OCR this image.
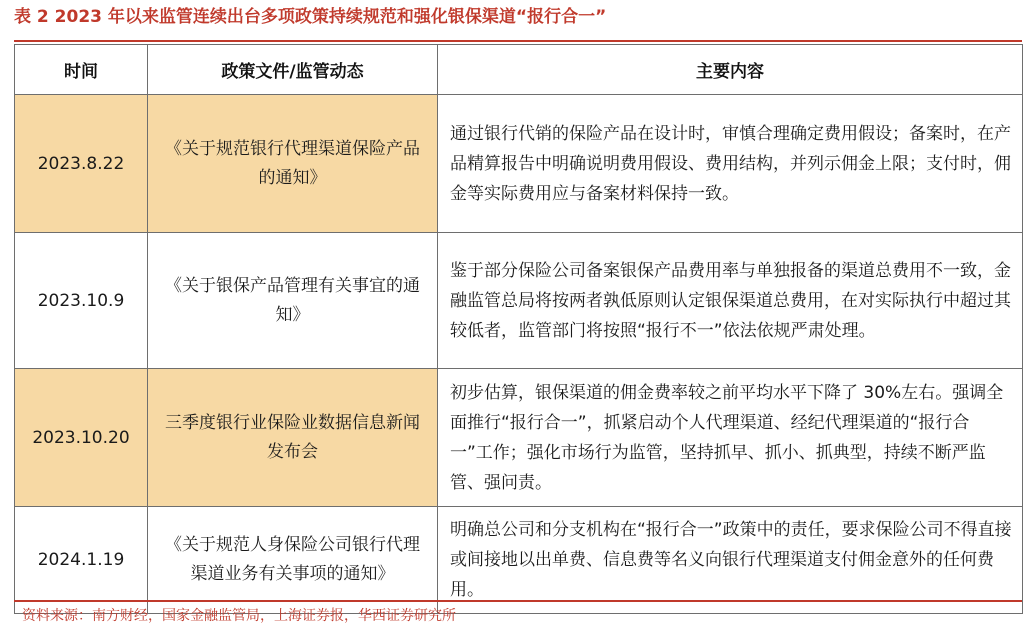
表 2 2023 年以来监管连续出台多项政策持续规范和强化银保渠道“报行合一”
时间	政策文件/监管动态	主要内容
2023.8.22	《关于规范银行代理渠道保险产品的通知》	通过银行代销的保险产品在设计时，审慎合理确定费用假设；备案时，在产品精算报告中明确说明费用假设、费用结构，并列示佣金上限；支付时，佣金等实际费用应与备案材料保持一致。
2023.10.9	《关于银保产品管理有关事宜的通知》	鉴于部分保险公司备案银保产品费用率与单独报备的渠道总费用不一致，金融监管总局将按两者孰低原则认定银保渠道总费用，在对实际执行中超过其较低者，监管部门将按照“报行不一”依法依规严肃处理。
2023.10.20	三季度银行业保险业数据信息新闻发布会	初步估算，银保渠道的佣金费率较之前平均水平下降了 30%左右。强调全面推行“报行合一”，抓紧启动个人代理渠道、经纪代理渠道的“报行合一”工作；强化市场行为监管，坚持抓早、抓小、抓典型，持续不断严监管、强问责。
2024.1.19	《关于规范人身保险公司银行代理渠道业务有关事项的通知》	明确总公司和分支机构在“报行合一”政策中的责任，要求保险公司不得直接或间接地以出单费、信息费等名义向银行代理渠道支付佣金意外的任何费用。
资料来源：南方财经，国家金融监管局，上海证券报，华西证券研究所
